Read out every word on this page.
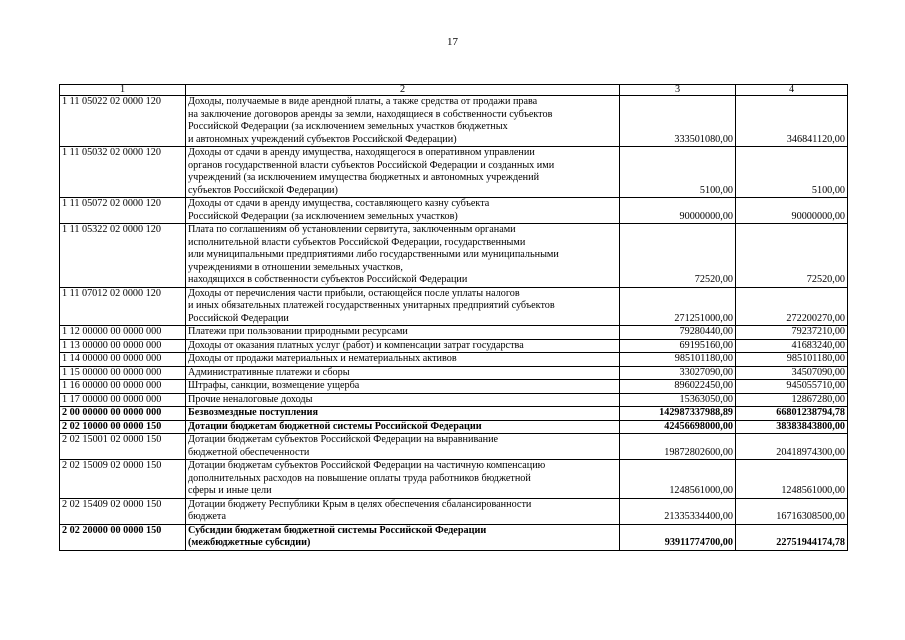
17
1	2	3	4
1 11 05022 02 0000 120	Доходы, получаемые в виде арендной платы, а также средства от продажи права
на заключение договоров аренды за земли, находящиеся в собственности субъектов
Российской Федерации (за исключением земельных участков бюджетных
и автономных учреждений субъектов Российской Федерации)	333501080,00	346841120,00
1 11 05032 02 0000 120	Доходы от сдачи в аренду имущества, находящегося в оперативном управлении
органов государственной власти субъектов Российской Федерации и созданных ими
учреждений (за исключением имущества бюджетных и автономных учреждений
субъектов Российской Федерации)	5100,00	5100,00
1 11 05072 02 0000 120	Доходы от сдачи в аренду имущества, составляющего казну субъекта
Российской Федерации (за исключением земельных участков)	90000000,00	90000000,00
1 11 05322 02 0000 120	Плата по соглашениям об установлении сервитута, заключенным органами
исполнительной власти субъектов Российской Федерации, государственными
или муниципальными предприятиями либо государственными или муниципальными
учреждениями в отношении земельных участков,
находящихся в собственности субъектов Российской Федерации	72520,00	72520,00
1 11 07012 02 0000 120	Доходы от перечисления части прибыли, остающейся после уплаты налогов
и иных обязательных платежей государственных унитарных предприятий субъектов
Российской Федерации	271251000,00	272200270,00
1 12 00000 00 0000 000	Платежи при пользовании природными ресурсами	79280440,00	79237210,00
1 13 00000 00 0000 000	Доходы от оказания платных услуг (работ) и компенсации затрат государства	69195160,00	41683240,00
1 14 00000 00 0000 000	Доходы от продажи материальных и нематериальных активов	985101180,00	985101180,00
1 15 00000 00 0000 000	Административные платежи и сборы	33027090,00	34507090,00
1 16 00000 00 0000 000	Штрафы, санкции, возмещение ущерба	896022450,00	945055710,00
1 17 00000 00 0000 000	Прочие неналоговые доходы	15363050,00	12867280,00
2 00 00000 00 0000 000	Безвозмездные поступления	142987337988,89	66801238794,78
2 02 10000 00 0000 150	Дотации бюджетам бюджетной системы Российской Федерации	42456698000,00	38383843800,00
2 02 15001 02 0000 150	Дотации бюджетам субъектов Российской Федерации на выравнивание
бюджетной обеспеченности	19872802600,00	20418974300,00
2 02 15009 02 0000 150	Дотации бюджетам субъектов Российской Федерации на частичную компенсацию
дополнительных расходов на повышение оплаты труда работников бюджетной
сферы и иные цели	1248561000,00	1248561000,00
2 02 15409 02 0000 150	Дотации бюджету Республики Крым в целях обеспечения сбалансированности
бюджета	21335334400,00	16716308500,00
2 02 20000 00 0000 150	Субсидии бюджетам бюджетной системы Российской Федерации
(межбюджетные субсидии)	93911774700,00	22751944174,78
